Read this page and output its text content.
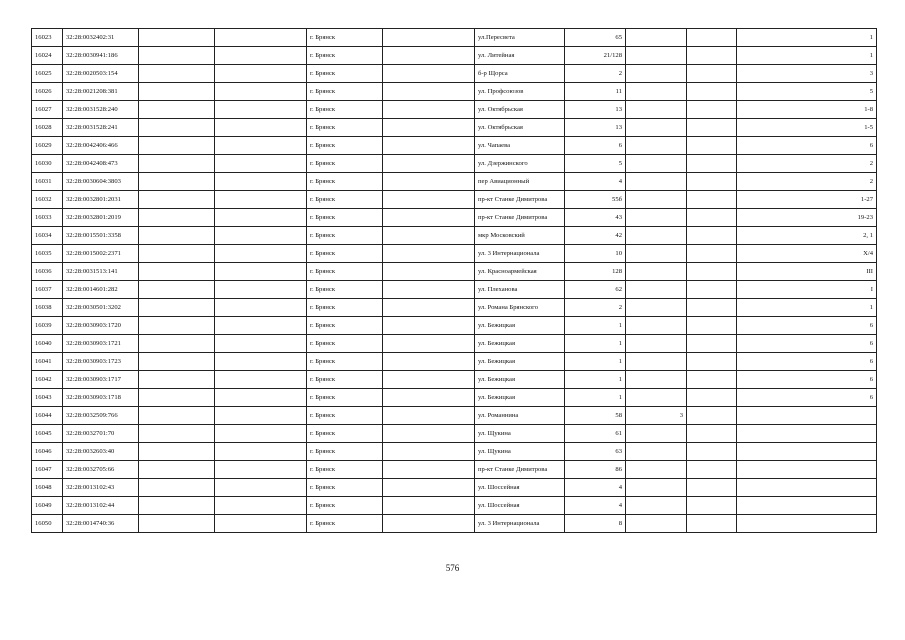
16023	32:28:0032402:31			г. Брянск		ул.Пересвета	65			1
16024	32:28:0030941:186			г. Брянск		ул. Литейная	21/128			1
16025	32:28:0020503:154			г. Брянск		б-р Щорса	2			3
16026	32:28:0021208:381			г. Брянск		ул. Профсоюзов	11			5
16027	32:28:0031528:240			г. Брянск		ул. Октябрьская	13			1-8
16028	32:28:0031528:241			г. Брянск		ул. Октябрьская	13			1-5
16029	32:28:0042406:466			г. Брянск		ул. Чапаева	6			6
16030	32:28:0042408:473			г. Брянск		ул. Дзержинского	5			2
16031	32:28:0030604:3803			г. Брянск		пер Авиационный	4			2
16032	32:28:0032801:2031			г. Брянск		пр-кт Станке Димитрова	55б			1-27
16033	32:28:0032801:2019			г. Брянск		пр-кт Станке Димитрова	43			19-23
16034	32:28:0015501:3358			г. Брянск		мкр Московский	42			2, 1
16035	32:28:0015002:2371			г. Брянск		ул. 3 Интернационала	10			Х/4
16036	32:28:0031513:141			г. Брянск		ул. Красноармейская	128			III
16037	32:28:0014601:282			г. Брянск		ул. Плеханова	62			I
16038	32:28:0030501:3202			г. Брянск		ул. Романа Брянского	2			1
16039	32:28:0030903:1720			г. Брянск		ул. Бежицкая	1			6
16040	32:28:0030903:1721			г. Брянск		ул. Бежицкая	1			6
16041	32:28:0030903:1723			г. Брянск		ул. Бежицкая	1			6
16042	32:28:0030903:1717			г. Брянск		ул. Бежицкая	1			6
16043	32:28:0030903:1718			г. Брянск		ул. Бежицкая	1			6
16044	32:28:0032509:766			г. Брянск		ул. Романнина	58	3		
16045	32:28:0032701:70			г. Брянск		ул. Щукина	61			
16046	32:28:0032603:40			г. Брянск		ул. Щукина	63			
16047	32:28:0032705:66			г. Брянск		пр-кт Станке Димитрова	86			
16048	32:28:0013102:43			г. Брянск		ул. Шоссейная	4			
16049	32:28:0013102:44			г. Брянск		ул. Шоссейная	4			
16050	32:28:0014740:36			г. Брянск		ул. 3 Интернационала	8			
576
